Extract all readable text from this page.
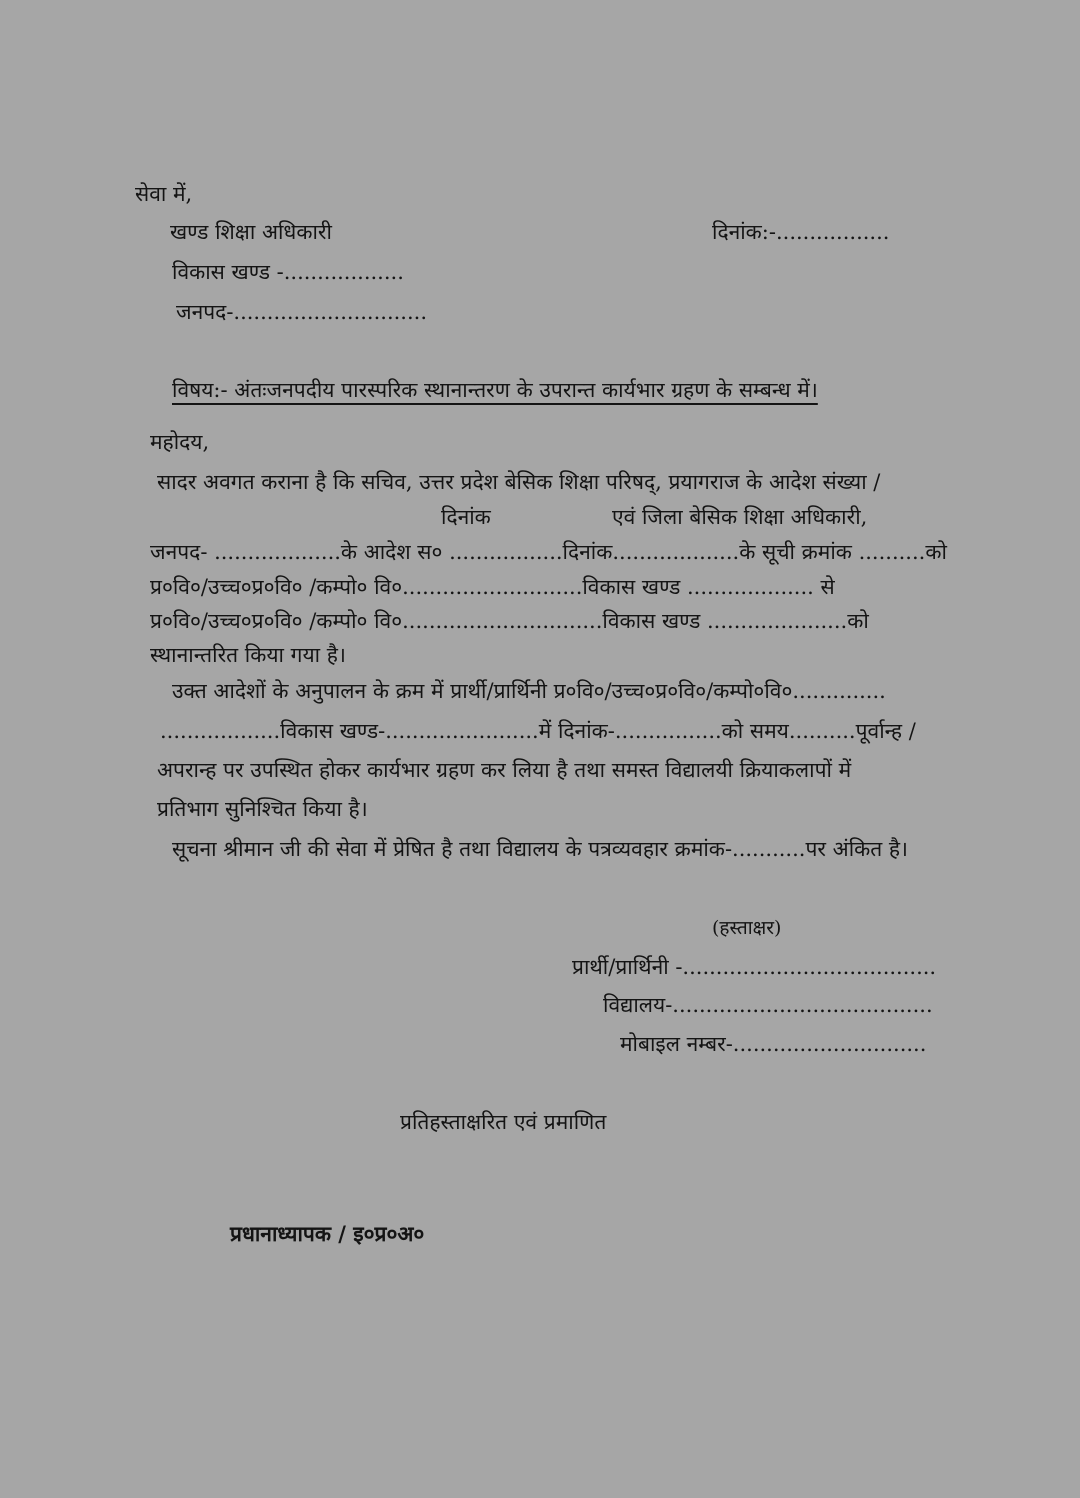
सेवा में,
खण्ड शिक्षा अधिकारी	दिनांक:-.................
विकास खण्ड -..................
जनपद-.............................
विषय:- अंतःजनपदीय पारस्परिक स्थानान्तरण के उपरान्त कार्यभार ग्रहण के सम्बन्ध में।
महोदय,
सादर अवगत कराना है कि सचिव, उत्तर प्रदेश बेसिक शिक्षा परिषद्, प्रयागराज के आदेश संख्या /
दिनांक	एवं जिला बेसिक शिक्षा अधिकारी,
जनपद- ...................के आदेश स० .................दिनांक...................के सूची क्रमांक ..........को
प्र०वि०/उच्च०प्र०वि० /कम्पो० वि०...........................विकास खण्ड ................... से
प्र०वि०/उच्च०प्र०वि० /कम्पो० वि०..............................विकास खण्ड .....................को
स्थानान्तरित किया गया है।
उक्त आदेशों के अनुपालन के क्रम में प्रार्थी/प्रार्थिनी प्र०वि०/उच्च०प्र०वि०/कम्पो०वि०..............
..................विकास खण्ड-.......................में दिनांक-................को समय..........पूर्वान्ह /
अपरान्ह पर उपस्थित होकर कार्यभार ग्रहण कर लिया है तथा समस्त विद्यालयी क्रियाकलापों में
प्रतिभाग सुनिश्चित किया है।
सूचना श्रीमान जी की सेवा में प्रेषित है तथा विद्यालय के पत्रव्यवहार क्रमांक-...........पर अंकित है।
(हस्ताक्षर)
प्रार्थी/प्रार्थिनी -......................................
विद्यालय-.......................................
मोबाइल नम्बर-.............................
प्रतिहस्ताक्षरित एवं प्रमाणित
प्रधानाध्यापक / इ०प्र०अ०
